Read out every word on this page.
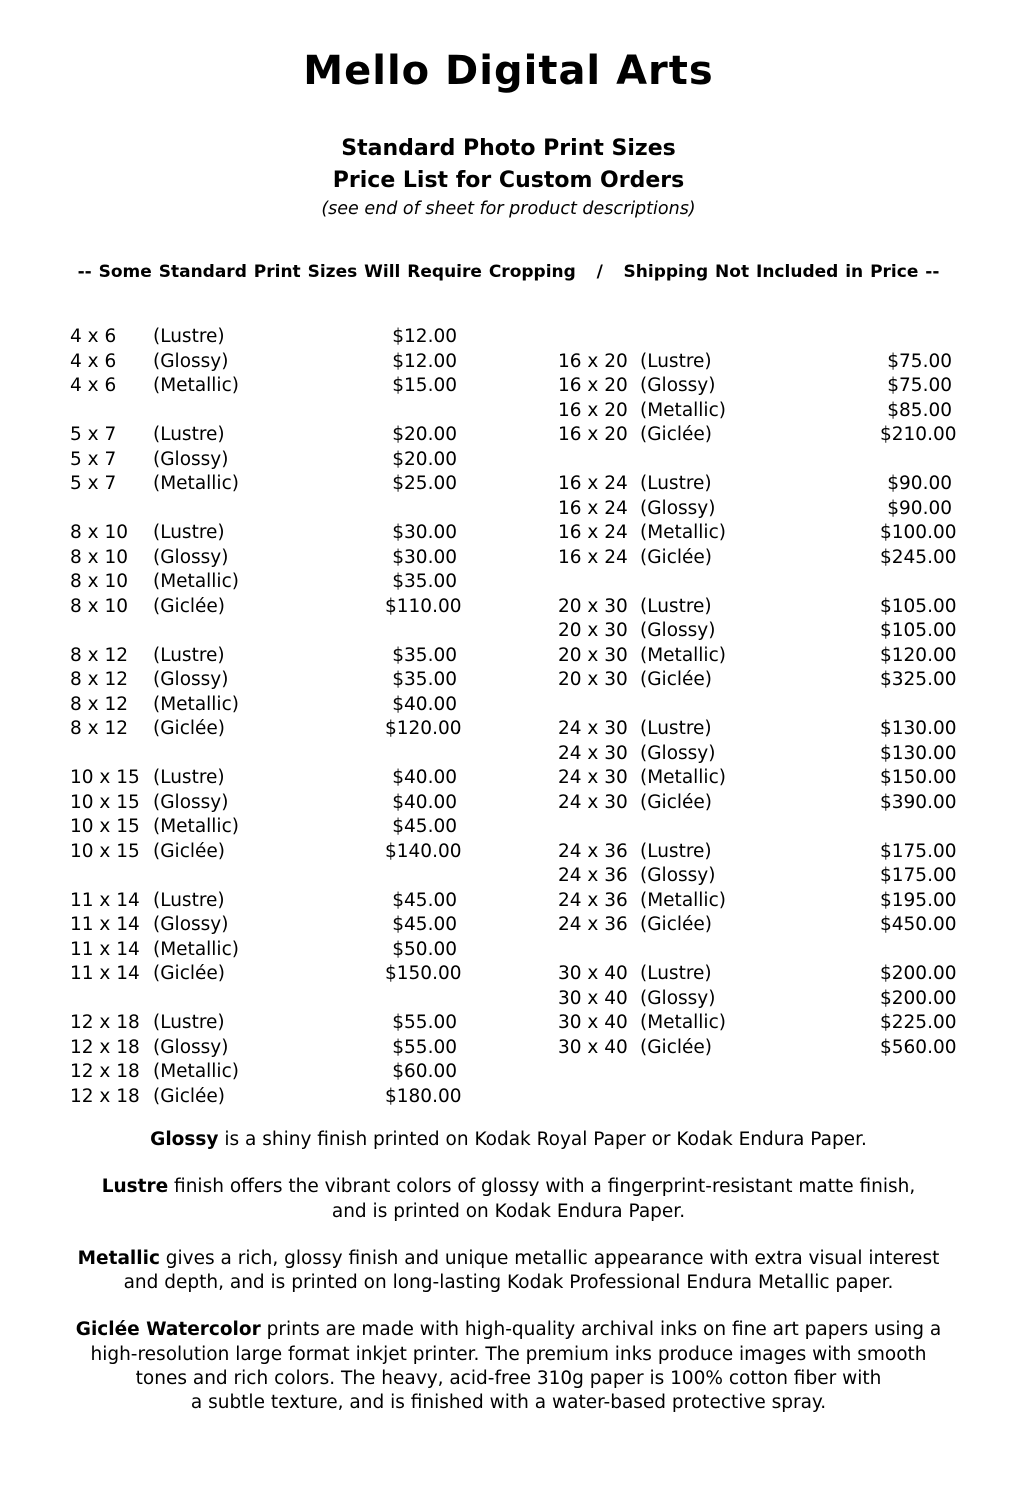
Mello Digital Arts
Standard Photo Print Sizes
Price List for Custom Orders
(see end of sheet for product descriptions)
-- Some Standard Print Sizes Will Require Cropping   /   Shipping Not Included in Price --
4 x 6	(Lustre)	$12.00
4 x 6	(Glossy)	$12.00
4 x 6	(Metallic)	$15.00
5 x 7	(Lustre)	$20.00
5 x 7	(Glossy)	$20.00
5 x 7	(Metallic)	$25.00
8 x 10	(Lustre)	$30.00
8 x 10	(Glossy)	$30.00
8 x 10	(Metallic)	$35.00
8 x 10	(Giclée)	$110.00
8 x 12	(Lustre)	$35.00
8 x 12	(Glossy)	$35.00
8 x 12	(Metallic)	$40.00
8 x 12	(Giclée)	$120.00
10 x 15 (Lustre)	$40.00
10 x 15 (Glossy)	$40.00
10 x 15 (Metallic)	$45.00
10 x 15 (Giclée)	$140.00
11 x 14 (Lustre)	$45.00
11 x 14 (Glossy)	$45.00
11 x 14 (Metallic)	$50.00
11 x 14 (Giclée)	$150.00
12 x 18 (Lustre)	$55.00
12 x 18 (Glossy)	$55.00
12 x 18 (Metallic)	$60.00
12 x 18 (Giclée)	$180.00
16 x 20 (Lustre)	$75.00
16 x 20 (Glossy)	$75.00
16 x 20 (Metallic)	$85.00
16 x 20 (Giclée)	$210.00
16 x 24 (Lustre)	$90.00
16 x 24 (Glossy)	$90.00
16 x 24 (Metallic)	$100.00
16 x 24 (Giclée)	$245.00
20 x 30 (Lustre)	$105.00
20 x 30 (Glossy)	$105.00
20 x 30 (Metallic)	$120.00
20 x 30 (Giclée)	$325.00
24 x 30 (Lustre)	$130.00
24 x 30 (Glossy)	$130.00
24 x 30 (Metallic)	$150.00
24 x 30 (Giclée)	$390.00
24 x 36 (Lustre)	$175.00
24 x 36 (Glossy)	$175.00
24 x 36 (Metallic)	$195.00
24 x 36 (Giclée)	$450.00
30 x 40 (Lustre)	$200.00
30 x 40 (Glossy)	$200.00
30 x 40 (Metallic)	$225.00
30 x 40 (Giclée)	$560.00

Glossy is a shiny finish printed on Kodak Royal Paper or Kodak Endura Paper.

Lustre finish offers the vibrant colors of glossy with a fingerprint-resistant matte finish,
and is printed on Kodak Endura Paper.

Metallic gives a rich, glossy finish and unique metallic appearance with extra visual interest
and depth, and is printed on long-lasting Kodak Professional Endura Metallic paper.

Giclée Watercolor prints are made with high-quality archival inks on fine art papers using a
high-resolution large format inkjet printer. The premium inks produce images with smooth
tones and rich colors. The heavy, acid-free 310g paper is 100% cotton fiber with
a subtle texture, and is finished with a water-based protective spray.
